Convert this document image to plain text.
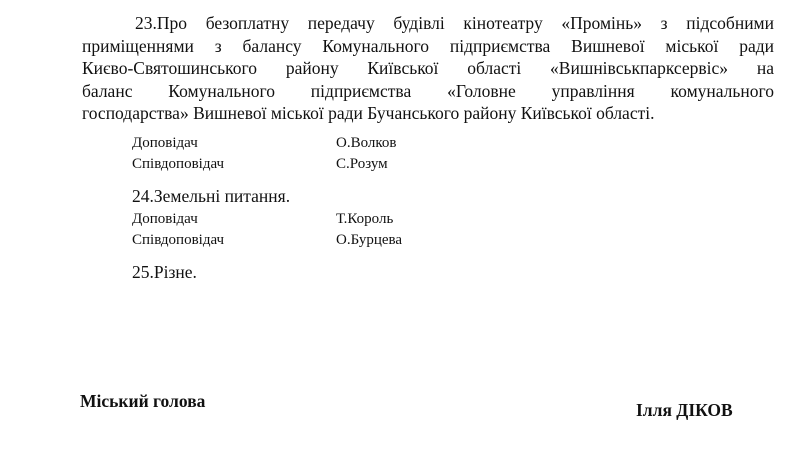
23.Про безоплатну передачу будівлі кінотеатру «Промінь» з підсобними
приміщеннями з балансу Комунального підприємства Вишневої міської ради
Києво-Святошинського району Київської області «Вишнівськпарксервіс» на
баланс Комунального підприємства «Головне управління комунального
господарства» Вишневої міської ради Бучанського району Київської області.
Доповідач	О.Волков
Співдоповідач	С.Розум
24.Земельні питання.
Доповідач	Т.Король
Співдоповідач	О.Бурцева
25.Різне.
Міський голова	Ілля ДІКОВ
